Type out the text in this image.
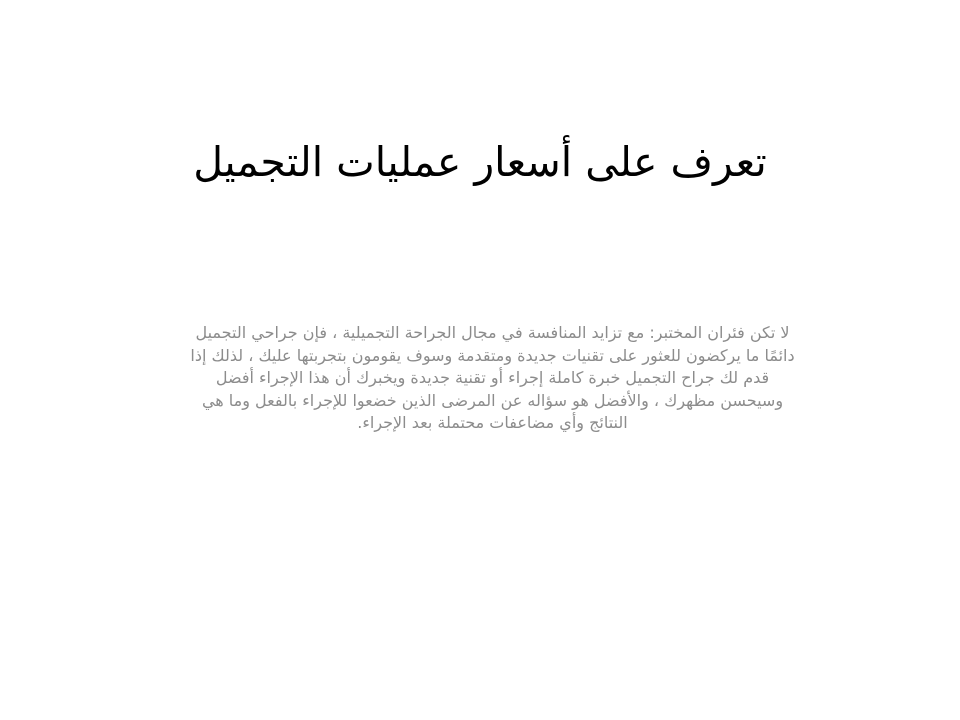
تعرف على أسعار عمليات التجميل
لا تكن فئران المختبر: مع تزايد المنافسة في مجال الجراحة التجميلية ، فإن جراحي التجميل
دائمًا ما يركضون للعثور على تقنيات جديدة ومتقدمة وسوف يقومون بتجربتها عليك ، لذلك إذا
قدم لك جراح التجميل خبرة كاملة إجراء أو تقنية جديدة ويخبرك أن هذا الإجراء أفضل
وسيحسن مظهرك ، والأفضل هو سؤاله عن المرضى الذين خضعوا للإجراء بالفعل وما هي
النتائج وأي مضاعفات محتملة بعد الإجراء.
